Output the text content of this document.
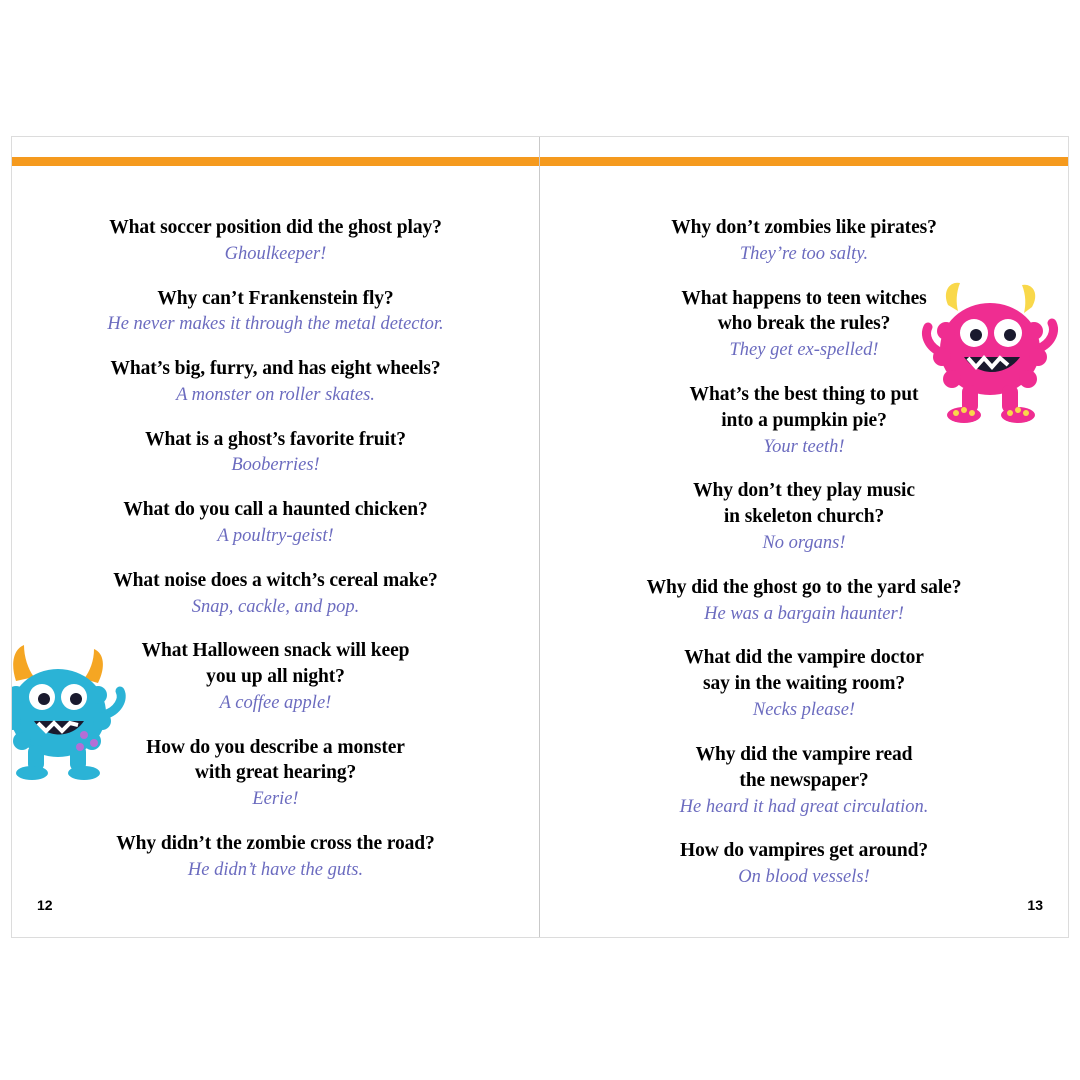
What soccer position did the ghost play?
Ghoulkeeper!
Why can’t Frankenstein fly?
He never makes it through the metal detector.
What’s big, furry, and has eight wheels?
A monster on roller skates.
What is a ghost’s favorite fruit?
Booberries!
What do you call a haunted chicken?
A poultry-geist!
What noise does a witch’s cereal make?
Snap, cackle, and pop.
What Halloween snack will keep
you up all night?
A coffee apple!
How do you describe a monster
with great hearing?
Eerie!
Why didn’t the zombie cross the road?
He didn’t have the guts.
12
Why don’t zombies like pirates?
They’re too salty.
What happens to teen witches
who break the rules?
They get ex-spelled!
What’s the best thing to put
into a pumpkin pie?
Your teeth!
Why don’t they play music
in skeleton church?
No organs!
Why did the ghost go to the yard sale?
He was a bargain haunter!
What did the vampire doctor
say in the waiting room?
Necks please!
Why did the vampire read
the newspaper?
He heard it had great circulation.
How do vampires get around?
On blood vessels!
13
